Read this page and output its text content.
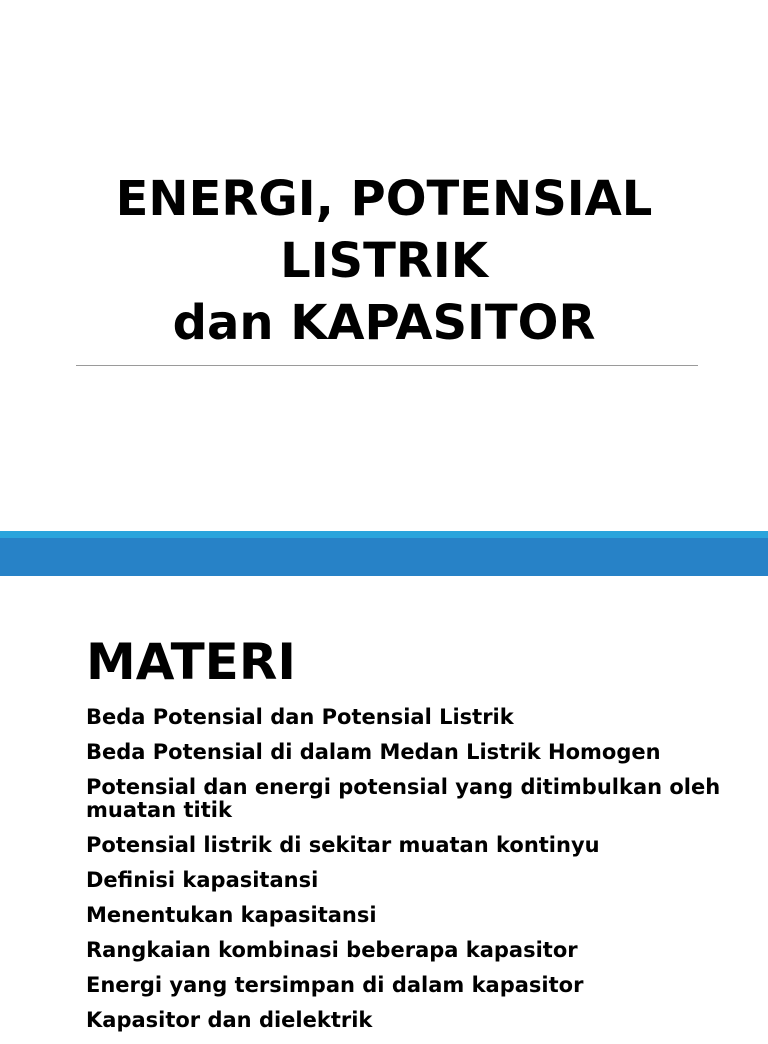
ENERGI, POTENSIAL
LISTRIK
dan KAPASITOR
MATERI
Beda Potensial dan Potensial Listrik
Beda Potensial di dalam Medan Listrik Homogen
Potensial dan energi potensial yang ditimbulkan oleh muatan titik
Potensial listrik di sekitar muatan kontinyu
Definisi kapasitansi
Menentukan kapasitansi
Rangkaian kombinasi beberapa kapasitor
Energi yang tersimpan di dalam kapasitor
Kapasitor dan dielektrik
